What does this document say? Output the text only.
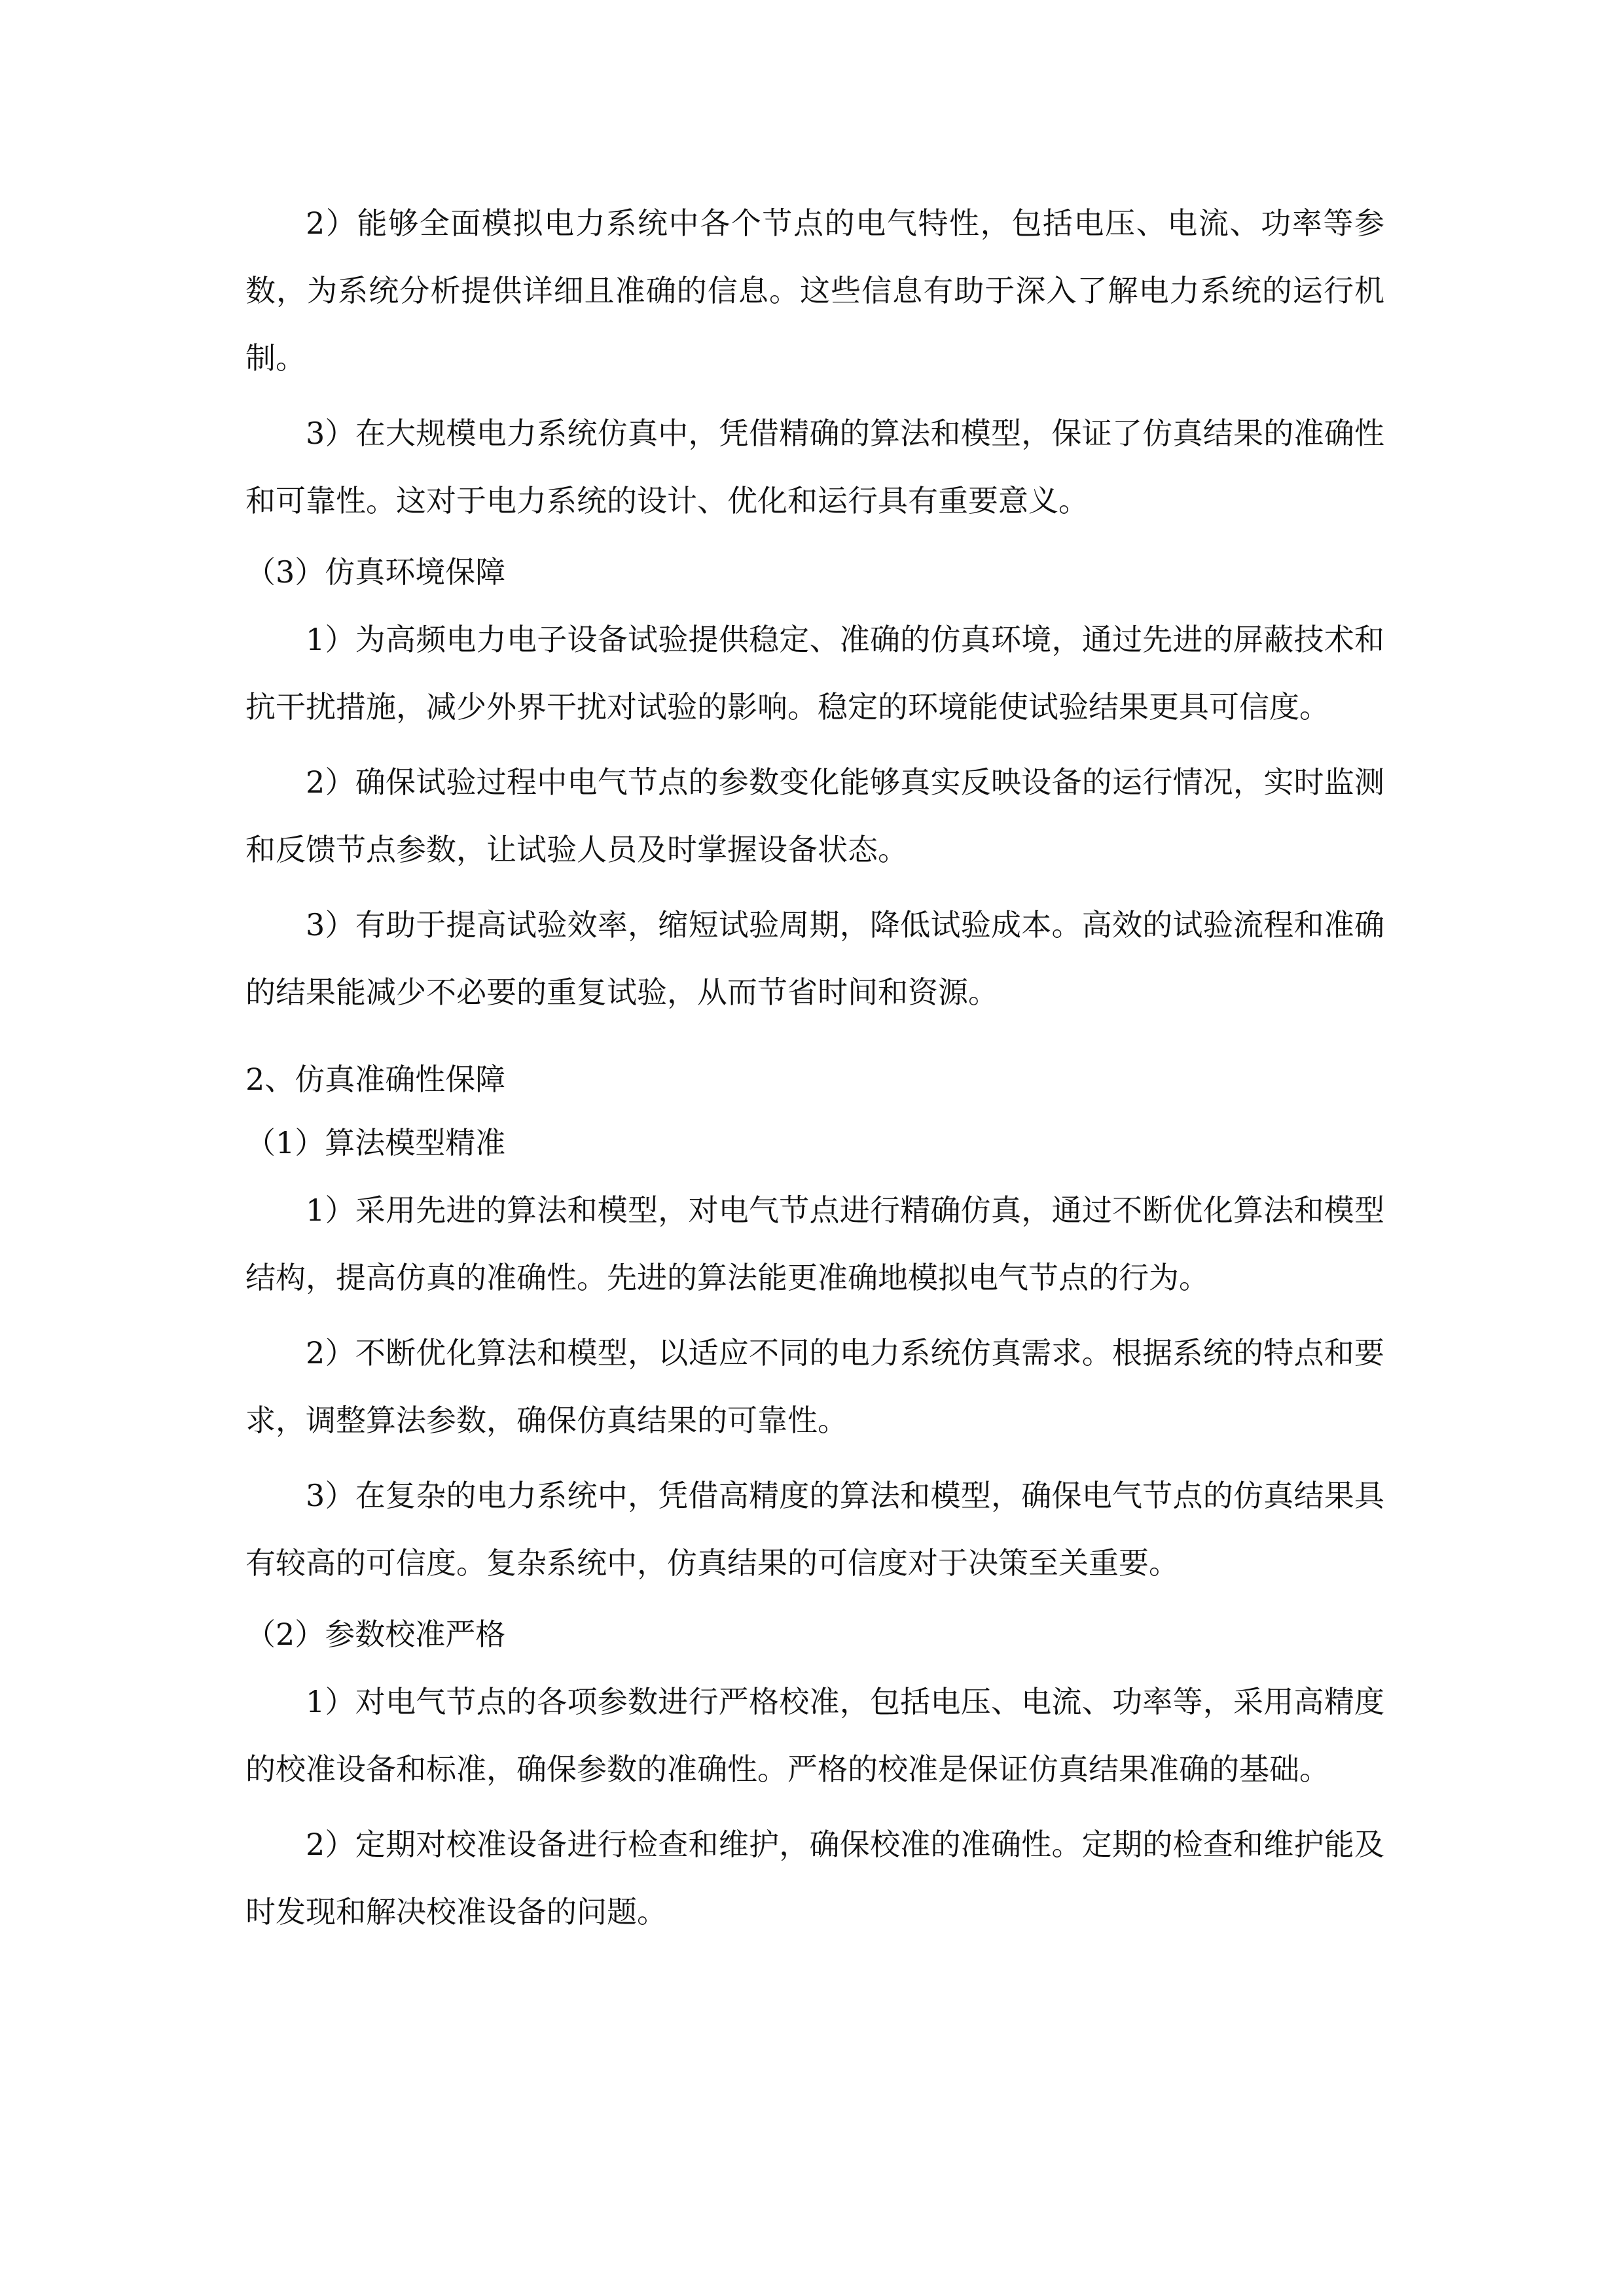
2）能够全面模拟电力系统中各个节点的电气特性，包括电压、电流、功率等参数，为系统分析提供详细且准确的信息。这些信息有助于深入了解电力系统的运行机制。

3）在大规模电力系统仿真中，凭借精确的算法和模型，保证了仿真结果的准确性和可靠性。这对于电力系统的设计、优化和运行具有重要意义。

（3）仿真环境保障

1）为高频电力电子设备试验提供稳定、准确的仿真环境，通过先进的屏蔽技术和抗干扰措施，减少外界干扰对试验的影响。稳定的环境能使试验结果更具可信度。

2）确保试验过程中电气节点的参数变化能够真实反映设备的运行情况，实时监测和反馈节点参数，让试验人员及时掌握设备状态。

3）有助于提高试验效率，缩短试验周期，降低试验成本。高效的试验流程和准确的结果能减少不必要的重复试验，从而节省时间和资源。

2、仿真准确性保障

（1）算法模型精准

1）采用先进的算法和模型，对电气节点进行精确仿真，通过不断优化算法和模型结构，提高仿真的准确性。先进的算法能更准确地模拟电气节点的行为。

2）不断优化算法和模型，以适应不同的电力系统仿真需求。根据系统的特点和要求，调整算法参数，确保仿真结果的可靠性。

3）在复杂的电力系统中，凭借高精度的算法和模型，确保电气节点的仿真结果具有较高的可信度。复杂系统中，仿真结果的可信度对于决策至关重要。

（2）参数校准严格

1）对电气节点的各项参数进行严格校准，包括电压、电流、功率等，采用高精度的校准设备和标准，确保参数的准确性。严格的校准是保证仿真结果准确的基础。

2）定期对校准设备进行检查和维护，确保校准的准确性。定期的检查和维护能及时发现和解决校准设备的问题。
